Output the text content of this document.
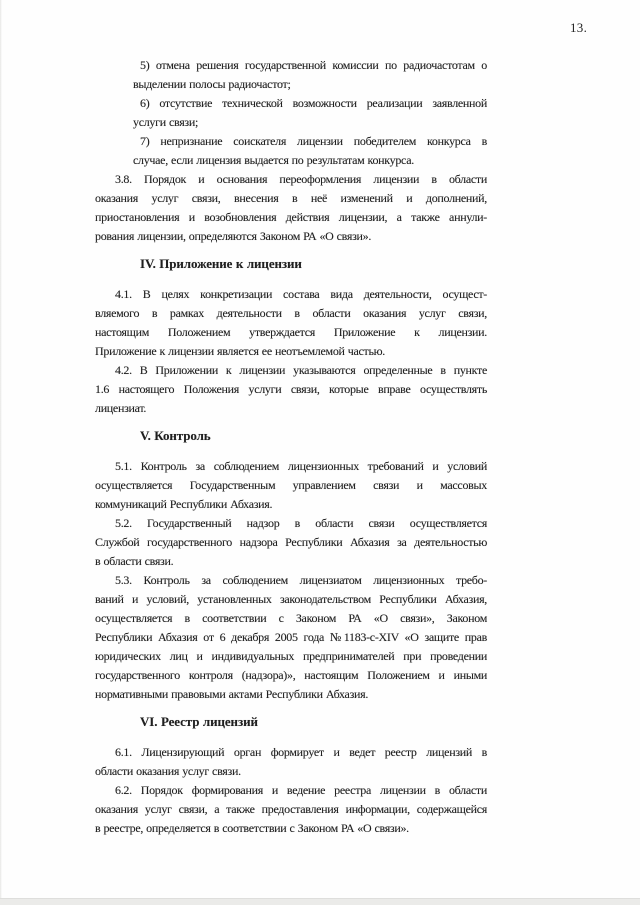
13.
5) отмена решения государственной комиссии по радиочастотам о
выделении полосы радиочастот;
6) отсутствие технической возможности реализации заявленной
услуги связи;
7) непризнание соискателя лицензии победителем конкурса в
случае, если лицензия выдается по результатам конкурса.
3.8. Порядок и основания переоформления лицензии в области
оказания услуг связи, внесения в неё изменений и дополнений,
приостановления и возобновления действия лицензии, а также аннули-
рования лицензии, определяются Законом РА «О связи».
IV. Приложение к лицензии
4.1. В целях конкретизации состава вида деятельности, осущест-
вляемого в рамках деятельности в области оказания услуг связи,
настоящим Положением утверждается Приложение к лицензии.
Приложение к лицензии является ее неотъемлемой частью.
4.2. В Приложении к лицензии указываются определенные в пункте
1.6 настоящего Положения услуги связи, которые вправе осуществлять
лицензиат.
V. Контроль
5.1. Контроль за соблюдением лицензионных требований и условий
осуществляется Государственным управлением связи и массовых
коммуникаций Республики Абхазия.
5.2. Государственный надзор в области связи осуществляется
Службой государственного надзора Республики Абхазия за деятельностью
в области связи.
5.3. Контроль за соблюдением лицензиатом лицензионных требо-
ваний и условий, установленных законодательством Республики Абхазия,
осуществляется в соответствии с Законом РА «О связи», Законом
Республики Абхазия от 6 декабря 2005 года №1183-с-XIV «О защите прав
юридических лиц и индивидуальных предпринимателей при проведении
государственного контроля (надзора)», настоящим Положением и иными
нормативными правовыми актами Республики Абхазия.
VI. Реестр лицензий
6.1. Лицензирующий орган формирует и ведет реестр лицензий в
области оказания услуг связи.
6.2. Порядок формирования и ведение реестра лицензии в области
оказания услуг связи, а также предоставления информации, содержащейся
в реестре, определяется в соответствии с Законом РА «О связи».
